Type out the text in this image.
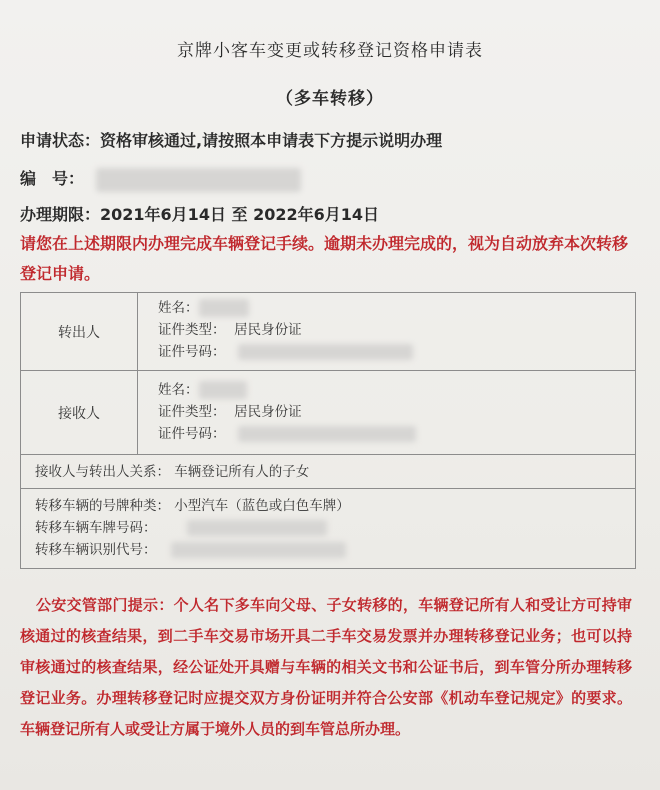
京牌小客车变更或转移登记资格申请表
（多车转移）
申请状态：资格审核通过,请按照本申请表下方提示说明办理
编　号：
办理期限：2021年6月14日 至 2022年6月14日
请您在上述期限内办理完成车辆登记手续。逾期未办理完成的，视为自动放弃本次转移登记申请。
转出人	姓名：
证件类型： 居民身份证
证件号码：

接收人	姓名：
证件类型： 居民身份证
证件号码：

接收人与转出人关系： 车辆登记所有人的子女	

转移车辆的号牌种类： 小型汽车（蓝色或白色车牌）
转移车辆车牌号码：
转移车辆识别代号：	
公安交管部门提示：个人名下多车向父母、子女转移的，车辆登记所有人和受让方可持审核通过的核查结果，到二手车交易市场开具二手车交易发票并办理转移登记业务；也可以持审核通过的核查结果，经公证处开具赠与车辆的相关文书和公证书后，到车管分所办理转移登记业务。办理转移登记时应提交双方身份证明并符合公安部《机动车登记规定》的要求。车辆登记所有人或受让方属于境外人员的到车管总所办理。
